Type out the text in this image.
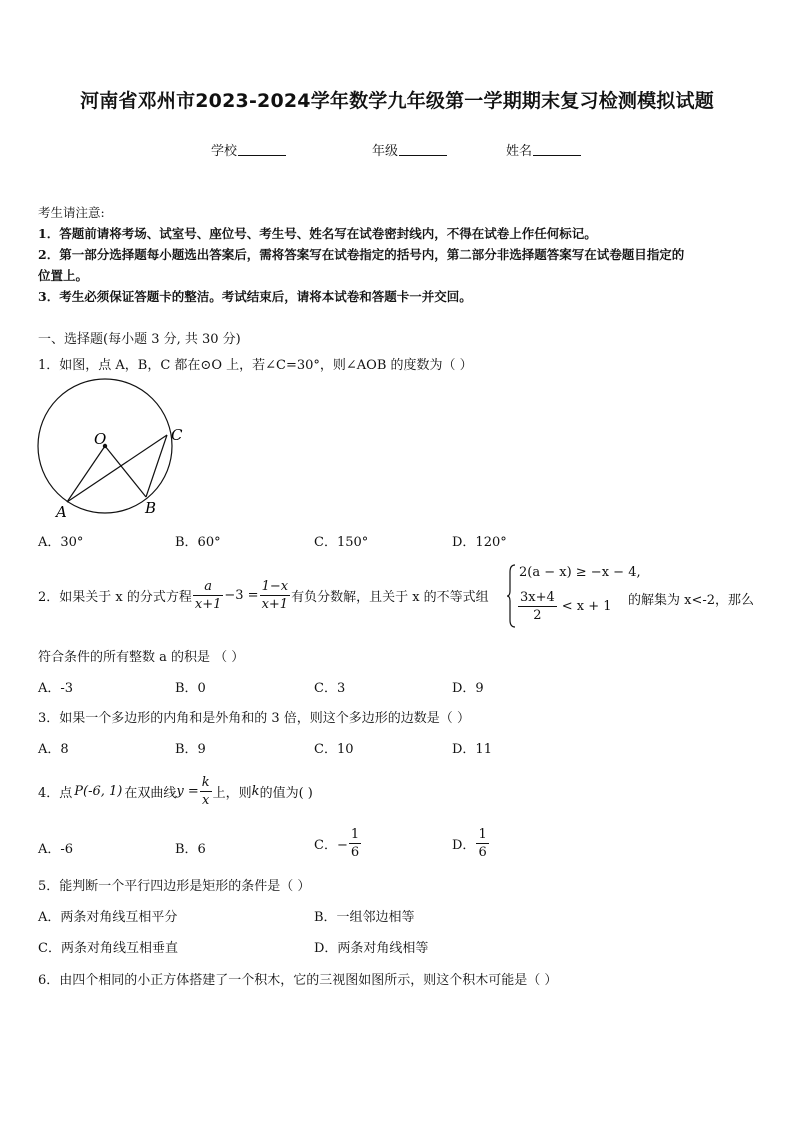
河南省邓州市2023-2024学年数学九年级第一学期期末复习检测模拟试题
学校	年级	姓名
考生请注意:
1．答题前请将考场、试室号、座位号、考生号、姓名写在试卷密封线内，不得在试卷上作任何标记。
2．第一部分选择题每小题选出答案后，需将答案写在试卷指定的括号内，第二部分非选择题答案写在试卷题目指定的
位置上。
3．考生必须保证答题卡的整洁。考试结束后，请将本试卷和答题卡一并交回。
一、选择题(每小题 3 分, 共 30 分)
1．如图，点 A，B，C 都在⊙O 上，若∠C=30°，则∠AOB 的度数为（ ）
O
A	B
C
A．30°	B．60°	C．150°	D．120°
2．如果关于 x 的分式方程 $\frac{a}{x+1} -3 = \frac{1-x}{x+1}$ 有负分数解，且关于 x 的不等式组
2(a − x) ≥ −x − 4,
$\frac{3x+4}{2} < x + 1$ 的解集为 x<-2，那么
符合条件的所有整数 a 的积是 （ ）
A．-3	B．0	C．3	D．9
3．如果一个多边形的内角和是外角和的 3 倍，则这个多边形的边数是（ ）
A．8	B．9	C．10	D．11
4．点 P(-6, 1) 在双曲线 $y = \frac{k}{x}$ 上，则 k 的值为( )
A．-6	B．6	C．− $\frac{1}{6}$	D． $\frac{1}{6}$
5．能判断一个平行四边形是矩形的条件是（ ）
A．两条对角线互相平分	B．一组邻边相等
C．两条对角线互相垂直	D．两条对角线相等
6．由四个相同的小正方体搭建了一个积木，它的三视图如图所示，则这个积木可能是（ ）
